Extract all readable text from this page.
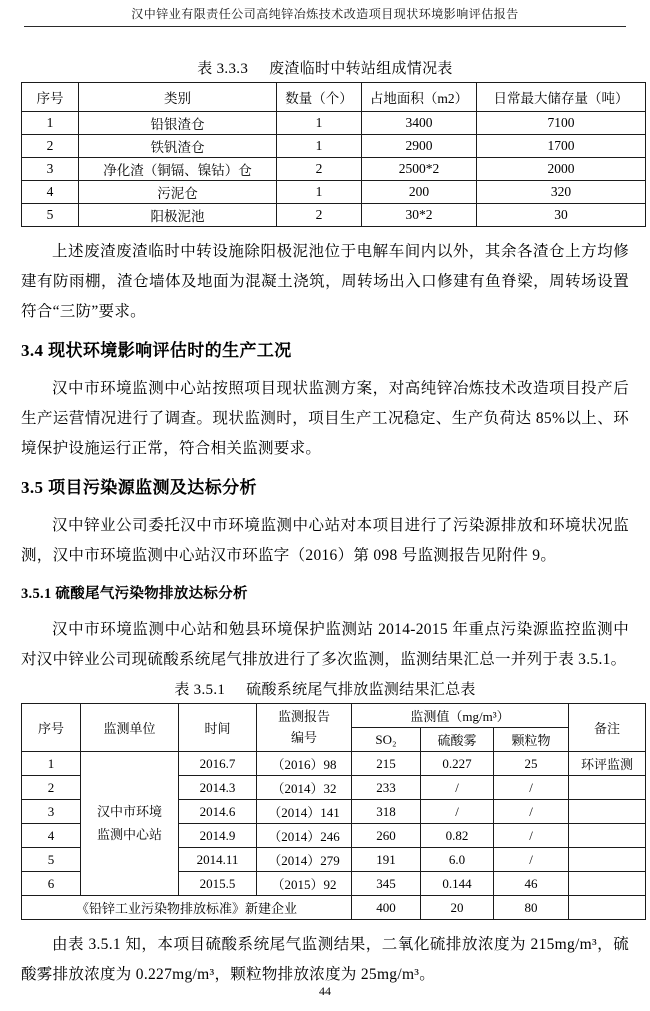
汉中锌业有限责任公司高纯锌冶炼技术改造项目现状环境影响评估报告
表 3.3.3 废渣临时中转站组成情况表
序号	类别	数量（个）	占地面积（m2）	日常最大储存量（吨）
1	铅银渣仓	1	3400	7100
2	铁钒渣仓	1	2900	1700
3	净化渣（铜镉、镍钴）仓	2	2500*2	2000
4	污泥仓	1	200	320
5	阳极泥池	2	30*2	30

上述废渣废渣临时中转设施除阳极泥池位于电解车间内以外，其余各渣仓上方均修建有防雨棚，渣仓墙体及地面为混凝土浇筑，周转场出入口修建有鱼脊梁，周转场设置符合“三防”要求。

3.4 现状环境影响评估时的生产工况

汉中市环境监测中心站按照项目现状监测方案，对高纯锌冶炼技术改造项目投产后生产运营情况进行了调查。现状监测时，项目生产工况稳定、生产负荷达 85%以上、环境保护设施运行正常，符合相关监测要求。

3.5 项目污染源监测及达标分析

汉中锌业公司委托汉中市环境监测中心站对本项目进行了污染源排放和环境状况监测，汉中市环境监测中心站汉市环监字（2016）第 098 号监测报告见附件 9。

3.5.1 硫酸尾气污染物排放达标分析

汉中市环境监测中心站和勉县环境保护监测站 2014-2015 年重点污染源监控监测中对汉中锌业公司现硫酸系统尾气排放进行了多次监测，监测结果汇总一并列于表 3.5.1。

表 3.5.1 硫酸系统尾气排放监测结果汇总表
序号	监测单位	时间	监测报告编号	监测值（mg/m³）			备注
				SO₂	硫酸雾	颗粒物	
1	汉中市环境监测中心站	2016.7	（2016）98	215	0.227	25	环评监测
2		2014.3	（2014）32	233	/	/	
3		2014.6	（2014）141	318	/	/	
4		2014.9	（2014）246	260	0.82	/	
5		2014.11	（2014）279	191	6.0	/	
6		2015.5	（2015）92	345	0.144	46	
《铅锌工业污染物排放标准》新建企业				400	20	80	

由表 3.5.1 知，本项目硫酸系统尾气监测结果，二氧化硫排放浓度为 215mg/m³，硫酸雾排放浓度为 0.227mg/m³，颗粒物排放浓度为 25mg/m³。

44
